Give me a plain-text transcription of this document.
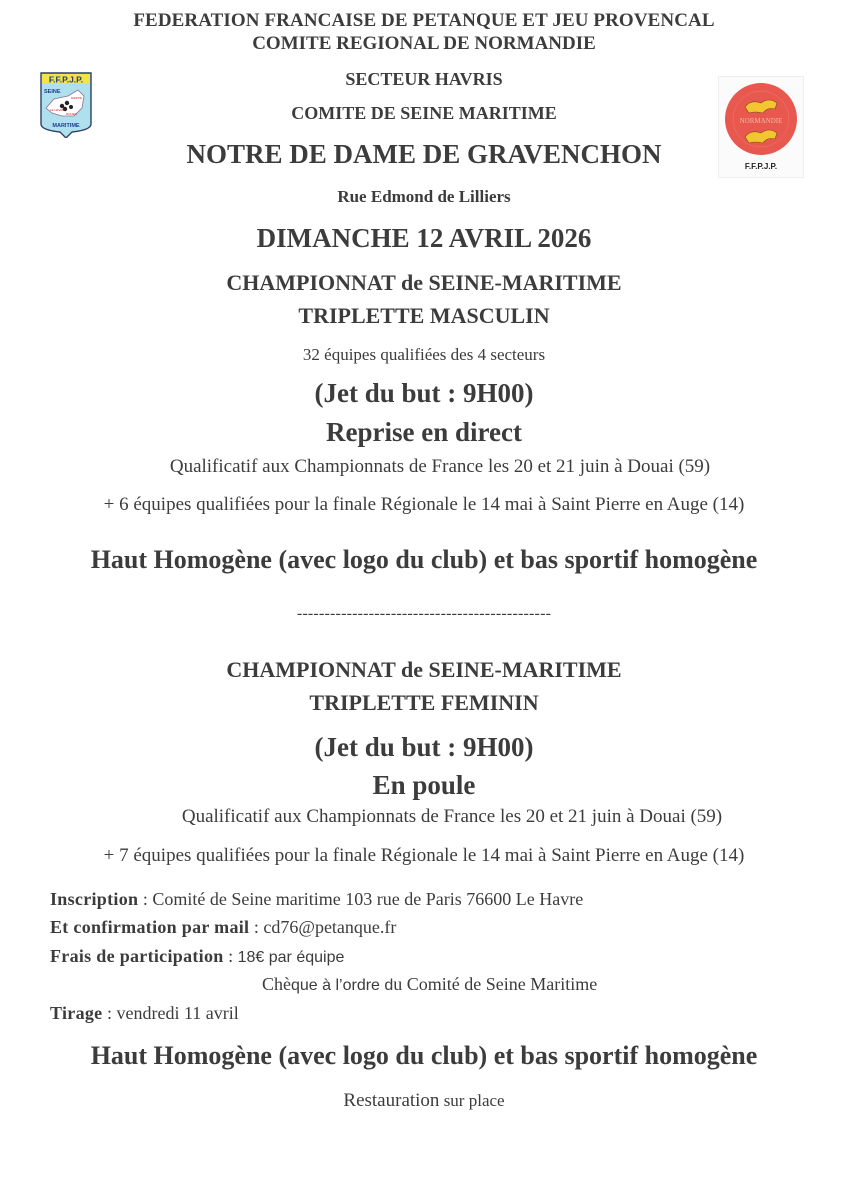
F.F.P.J.P.
SEINE
DIEPPE
LE HAVRE
ROUEN
MARITIME
NORMANDIE
F.F.P.J.P.
FEDERATION FRANCAISE DE PETANQUE ET JEU PROVENCAL
COMITE REGIONAL DE NORMANDIE
SECTEUR HAVRIS
COMITE DE SEINE MARITIME
NOTRE DE DAME DE GRAVENCHON
Rue Edmond de Lilliers
DIMANCHE 12 AVRIL 2026
CHAMPIONNAT de SEINE-MARITIME
TRIPLETTE MASCULIN
32 équipes qualifiées des 4 secteurs
(Jet du but : 9H00)
Reprise en direct
Qualificatif aux Championnats de France les 20 et 21 juin à Douai (59)
+ 6 équipes qualifiées pour la finale Régionale le 14 mai à Saint Pierre en Auge (14)
Haut Homogène (avec logo du club) et bas sportif homogène
----------------------------------------------
CHAMPIONNAT de SEINE-MARITIME
TRIPLETTE FEMININ
(Jet du but : 9H00)
En poule
Qualificatif aux Championnats de France les 20 et 21 juin à Douai (59)
+ 7 équipes qualifiées pour la finale Régionale le 14 mai à Saint Pierre en Auge (14)
Inscription : Comité de Seine maritime 103 rue de Paris 76600 Le Havre
Et confirmation par mail : cd76@petanque.fr
Frais de participation : 18€ par équipe
Chèque à l’ordre du Comité de Seine Maritime
Tirage : vendredi 11 avril
Haut Homogène (avec logo du club) et bas sportif homogène
Restauration sur place
